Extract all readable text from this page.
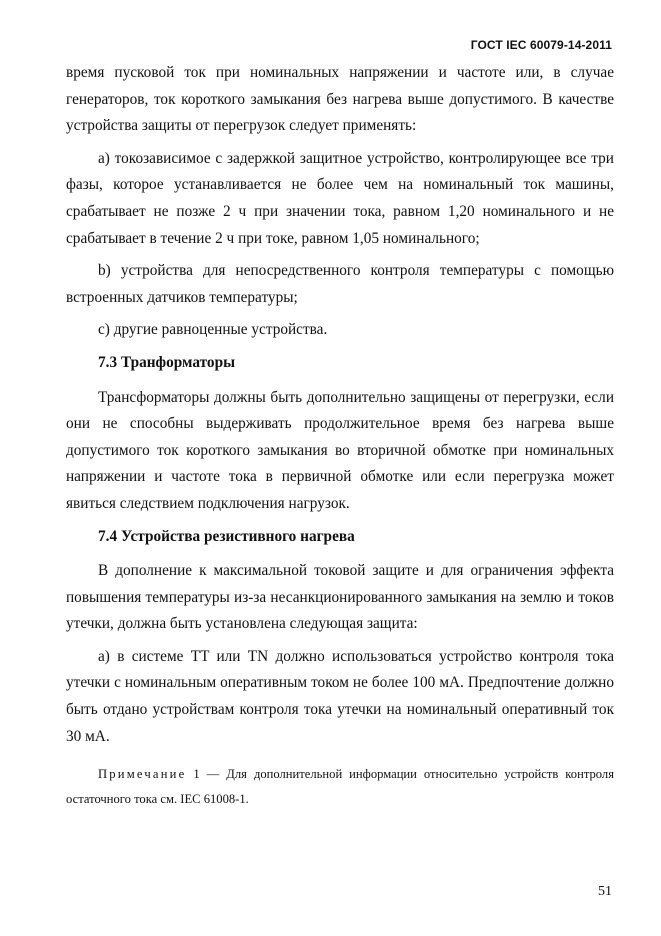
ГОСТ IEC 60079-14-2011

время пусковой ток при номинальных напряжении и частоте или, в случае генераторов, ток короткого замыкания без нагрева выше допустимого. В качестве устройства защиты от перегрузок следует применять:

a) токозависимое с задержкой защитное устройство, контролирующее все три фазы, которое устанавливается не более чем на номинальный ток машины, срабатывает не позже 2 ч при значении тока, равном 1,20 номинального и не срабатывает в течение 2 ч при токе, равном 1,05 номинального;

b) устройства для непосредственного контроля температуры с помощью встроенных датчиков температуры;

c) другие равноценные устройства.

7.3 Транформаторы

Трансформаторы должны быть дополнительно защищены от перегрузки, если они не способны выдерживать продолжительное время без нагрева выше допустимого ток короткого замыкания во вторичной обмотке при номинальных напряжении и частоте тока в первичной обмотке или если перегрузка может явиться следствием подключения нагрузок.

7.4 Устройства резистивного нагрева

В дополнение к максимальной токовой защите и для ограничения эффекта повышения температуры из-за несанкционированного замыкания на землю и токов утечки, должна быть установлена следующая защита:

a) в системе TT или TN должно использоваться устройство контроля тока утечки с номинальным оперативным током не более 100 мА. Предпочтение должно быть отдано устройствам контроля тока утечки на номинальный оперативный ток 30 мА.

Примечание 1 — Для дополнительной информации относительно устройств контроля остаточного тока см. IEC 61008-1.

51
